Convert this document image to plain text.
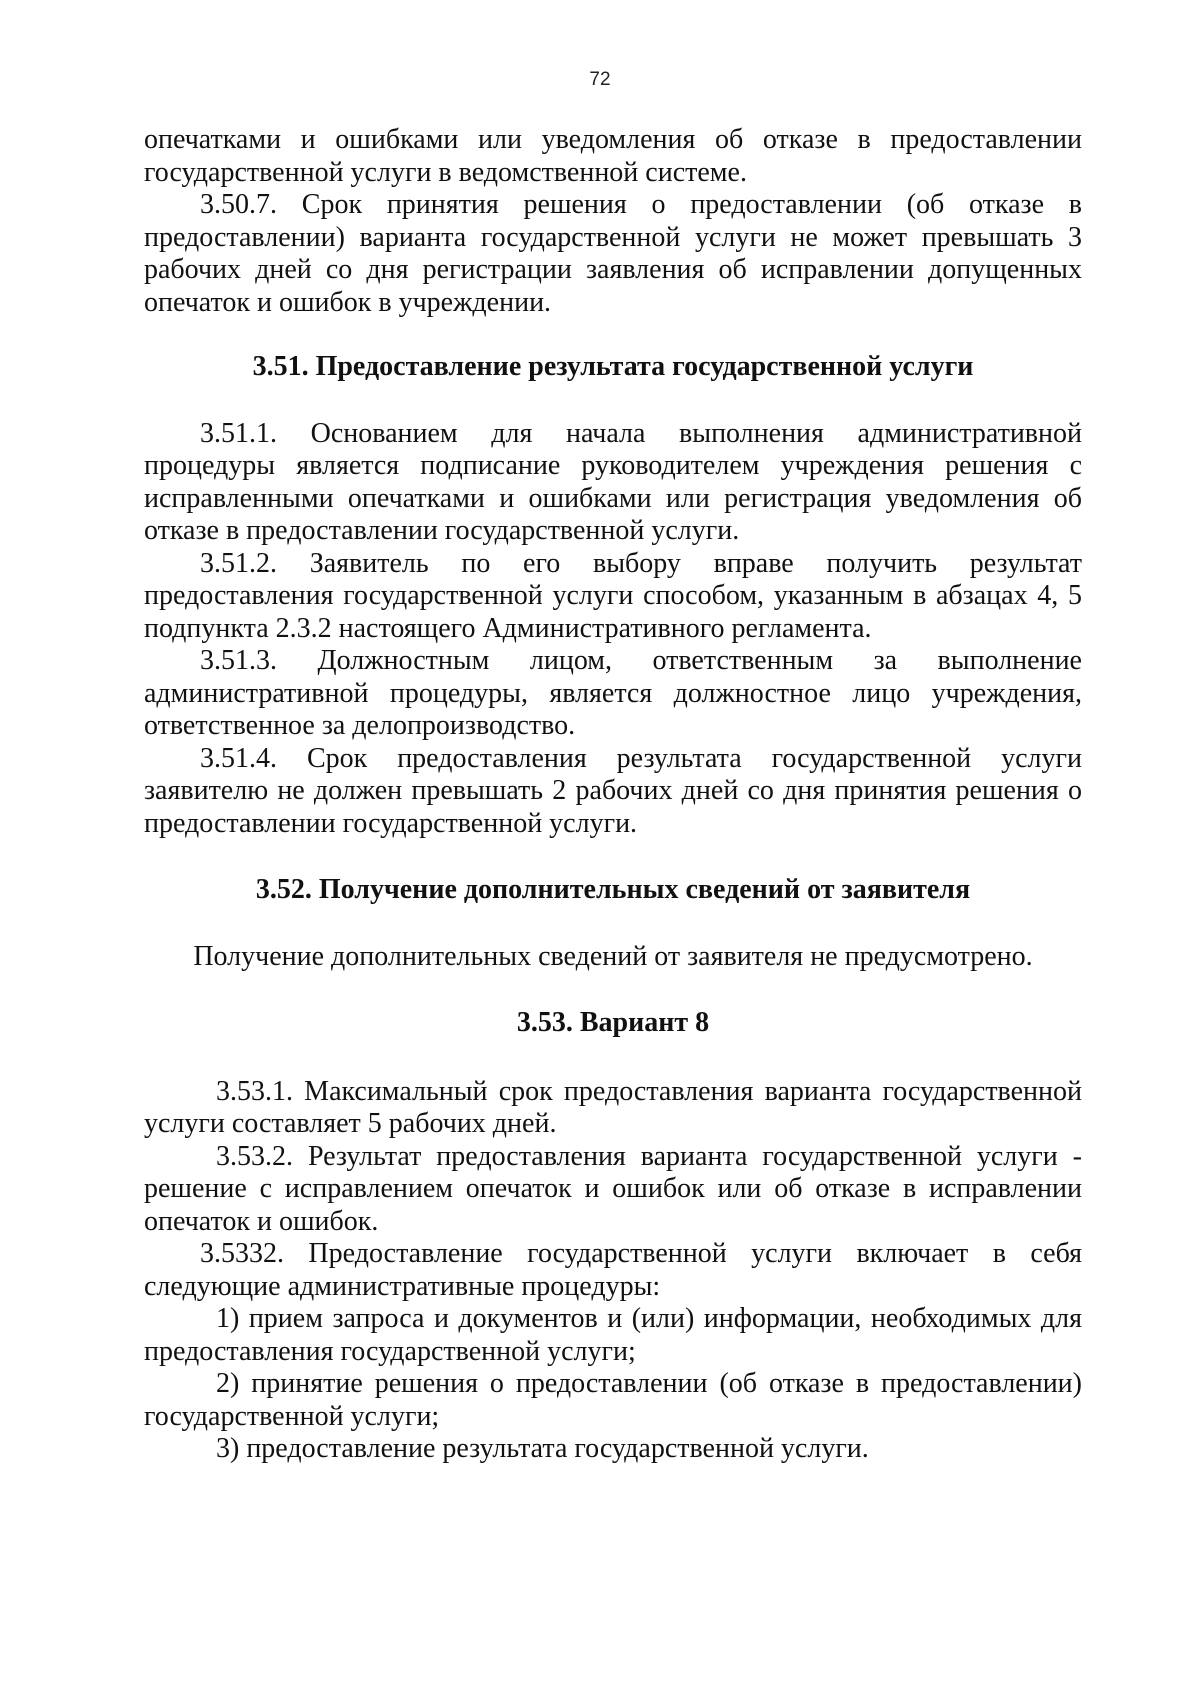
72

опечатками и ошибками или уведомления об отказе в предоставлении государственной услуги в ведомственной системе.

3.50.7. Срок принятия решения о предоставлении (об отказе в предоставлении) варианта государственной услуги не может превышать 3 рабочих дней со дня регистрации заявления об исправлении допущенных опечаток и ошибок в учреждении.

3.51. Предоставление результата государственной услуги

3.51.1. Основанием для начала выполнения административной процедуры является подписание руководителем учреждения решения с исправленными опечатками и ошибками или регистрация уведомления об отказе в предоставлении государственной услуги.

3.51.2. Заявитель по его выбору вправе получить результат предоставления государственной услуги способом, указанным в абзацах 4, 5 подпункта 2.3.2 настоящего Административного регламента.

3.51.3. Должностным лицом, ответственным за выполнение административной процедуры, является должностное лицо учреждения, ответственное за делопроизводство.

3.51.4. Срок предоставления результата государственной услуги заявителю не должен превышать 2 рабочих дней со дня принятия решения о предоставлении государственной услуги.

3.52. Получение дополнительных сведений от заявителя

Получение дополнительных сведений от заявителя не предусмотрено.

3.53. Вариант 8

3.53.1. Максимальный срок предоставления варианта государственной услуги составляет 5 рабочих дней.

3.53.2. Результат предоставления варианта государственной услуги - решение с исправлением опечаток и ошибок или об отказе в исправлении опечаток и ошибок.

3.5332. Предоставление государственной услуги включает в себя следующие административные процедуры:

1) прием запроса и документов и (или) информации, необходимых для предоставления государственной услуги;

2) принятие решения о предоставлении (об отказе в предоставлении) государственной услуги;

3) предоставление результата государственной услуги.
